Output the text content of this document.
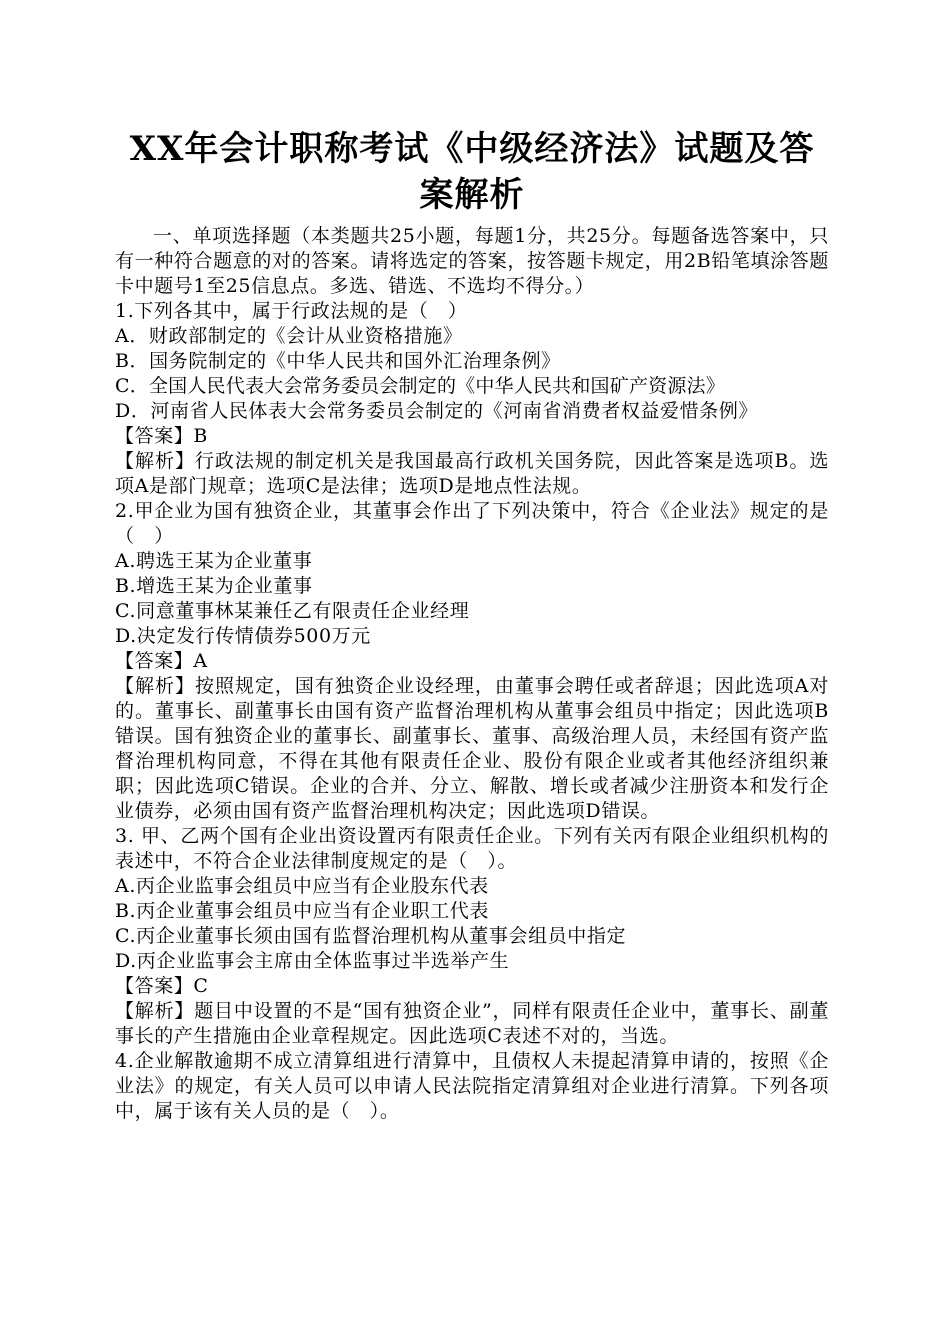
XX年会计职称考试《中级经济法》试题及答
案解析

一、单项选择题（本类题共25小题，每题1分，共25分。每题备选答案中，只有一种符合题意的对的答案。请将选定的答案，按答题卡规定，用2B铅笔填涂答题卡中题号1至25信息点。多选、错选、不选均不得分。）

1.下列各其中，属于行政法规的是（　）

A．财政部制定的《会计从业资格措施》

B．国务院制定的《中华人民共和国外汇治理条例》

C．全国人民代表大会常务委员会制定的《中华人民共和国矿产资源法》

D．河南省人民体表大会常务委员会制定的《河南省消费者权益爱惜条例》

【答案】B

【解析】行政法规的制定机关是我国最高行政机关国务院，因此答案是选项B。选项A是部门规章；选项C是法律；选项D是地点性法规。

2.甲企业为国有独资企业，其董事会作出了下列决策中，符合《企业法》规定的是（　）

A.聘选王某为企业董事

B.增选王某为企业董事

C.同意董事林某兼任乙有限责任企业经理

D.决定发行传情债券500万元

【答案】A

【解析】按照规定，国有独资企业设经理，由董事会聘任或者辞退；因此选项A对的。董事长、副董事长由国有资产监督治理机构从董事会组员中指定；因此选项B错误。国有独资企业的董事长、副董事长、董事、高级治理人员，未经国有资产监督治理机构同意，不得在其他有限责任企业、股份有限企业或者其他经济组织兼职；因此选项C错误。企业的合并、分立、解散、增长或者减少注册资本和发行企业债券，必须由国有资产监督治理机构决定；因此选项D错误。

3. 甲、乙两个国有企业出资设置丙有限责任企业。下列有关丙有限企业组织机构的表述中，不符合企业法律制度规定的是（　）。

A.丙企业监事会组员中应当有企业股东代表

B.丙企业董事会组员中应当有企业职工代表

C.丙企业董事长须由国有监督治理机构从董事会组员中指定

D.丙企业监事会主席由全体监事过半选举产生

【答案】C

【解析】题目中设置的不是“国有独资企业”，同样有限责任企业中，董事长、副董事长的产生措施由企业章程规定。因此选项C表述不对的，当选。

4.企业解散逾期不成立清算组进行清算中，且债权人未提起清算申请的，按照《企业法》的规定，有关人员可以申请人民法院指定清算组对企业进行清算。下列各项中，属于该有关人员的是（　）。
